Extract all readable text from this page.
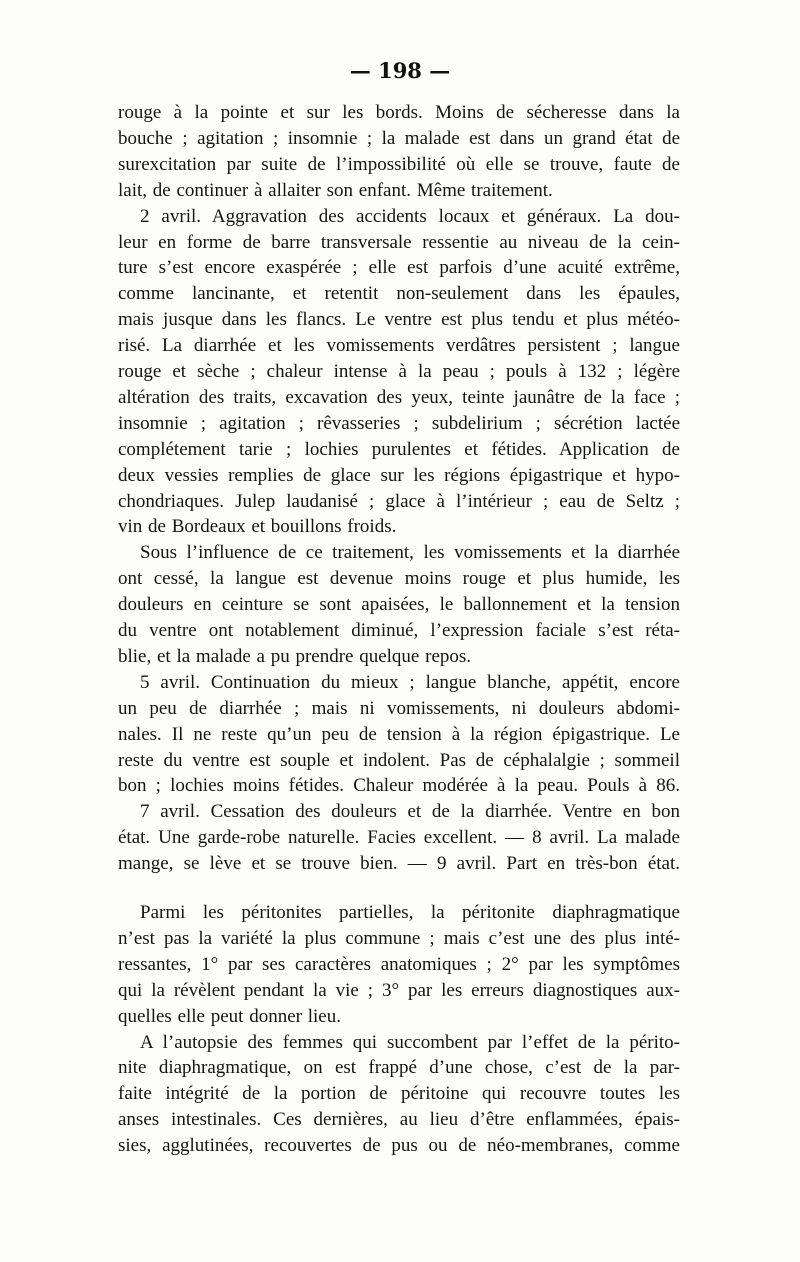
— 198 —
rouge à la pointe et sur les bords. Moins de sécheresse dans la
bouche ; agitation ; insomnie ; la malade est dans un grand état de
surexcitation par suite de l’impossibilité où elle se trouve, faute de
lait, de continuer à allaiter son enfant. Même traitement.
2 avril. Aggravation des accidents locaux et généraux. La dou-
leur en forme de barre transversale ressentie au niveau de la cein-
ture s’est encore exaspérée ; elle est parfois d’une acuité extrême,
comme lancinante, et retentit non-seulement dans les épaules,
mais jusque dans les flancs. Le ventre est plus tendu et plus météo-
risé. La diarrhée et les vomissements verdâtres persistent ; langue
rouge et sèche ; chaleur intense à la peau ; pouls à 132 ; légère
altération des traits, excavation des yeux, teinte jaunâtre de la face ;
insomnie ; agitation ; rêvasseries ; subdelirium ; sécrétion lactée
complétement tarie ; lochies purulentes et fétides. Application de
deux vessies remplies de glace sur les régions épigastrique et hypo-
chondriaques. Julep laudanisé ; glace à l’intérieur ; eau de Seltz ;
vin de Bordeaux et bouillons froids.
Sous l’influence de ce traitement, les vomissements et la diarrhée
ont cessé, la langue est devenue moins rouge et plus humide, les
douleurs en ceinture se sont apaisées, le ballonnement et la tension
du ventre ont notablement diminué, l’expression faciale s’est réta-
blie, et la malade a pu prendre quelque repos.
5 avril. Continuation du mieux ; langue blanche, appétit, encore
un peu de diarrhée ; mais ni vomissements, ni douleurs abdomi-
nales. Il ne reste qu’un peu de tension à la région épigastrique. Le
reste du ventre est souple et indolent. Pas de céphalalgie ; sommeil
bon ; lochies moins fétides. Chaleur modérée à la peau. Pouls à 86.
7 avril. Cessation des douleurs et de la diarrhée. Ventre en bon
état. Une garde-robe naturelle. Facies excellent. — 8 avril. La malade
mange, se lève et se trouve bien. — 9 avril. Part en très-bon état.
Parmi les péritonites partielles, la péritonite diaphragmatique
n’est pas la variété la plus commune ; mais c’est une des plus inté-
ressantes, 1° par ses caractères anatomiques ; 2° par les symptômes
qui la révèlent pendant la vie ; 3° par les erreurs diagnostiques aux-
quelles elle peut donner lieu.
A l’autopsie des femmes qui succombent par l’effet de la périto-
nite diaphragmatique, on est frappé d’une chose, c’est de la par-
faite intégrité de la portion de péritoine qui recouvre toutes les
anses intestinales. Ces dernières, au lieu d’être enflammées, épais-
sies, agglutinées, recouvertes de pus ou de néo-membranes, comme
